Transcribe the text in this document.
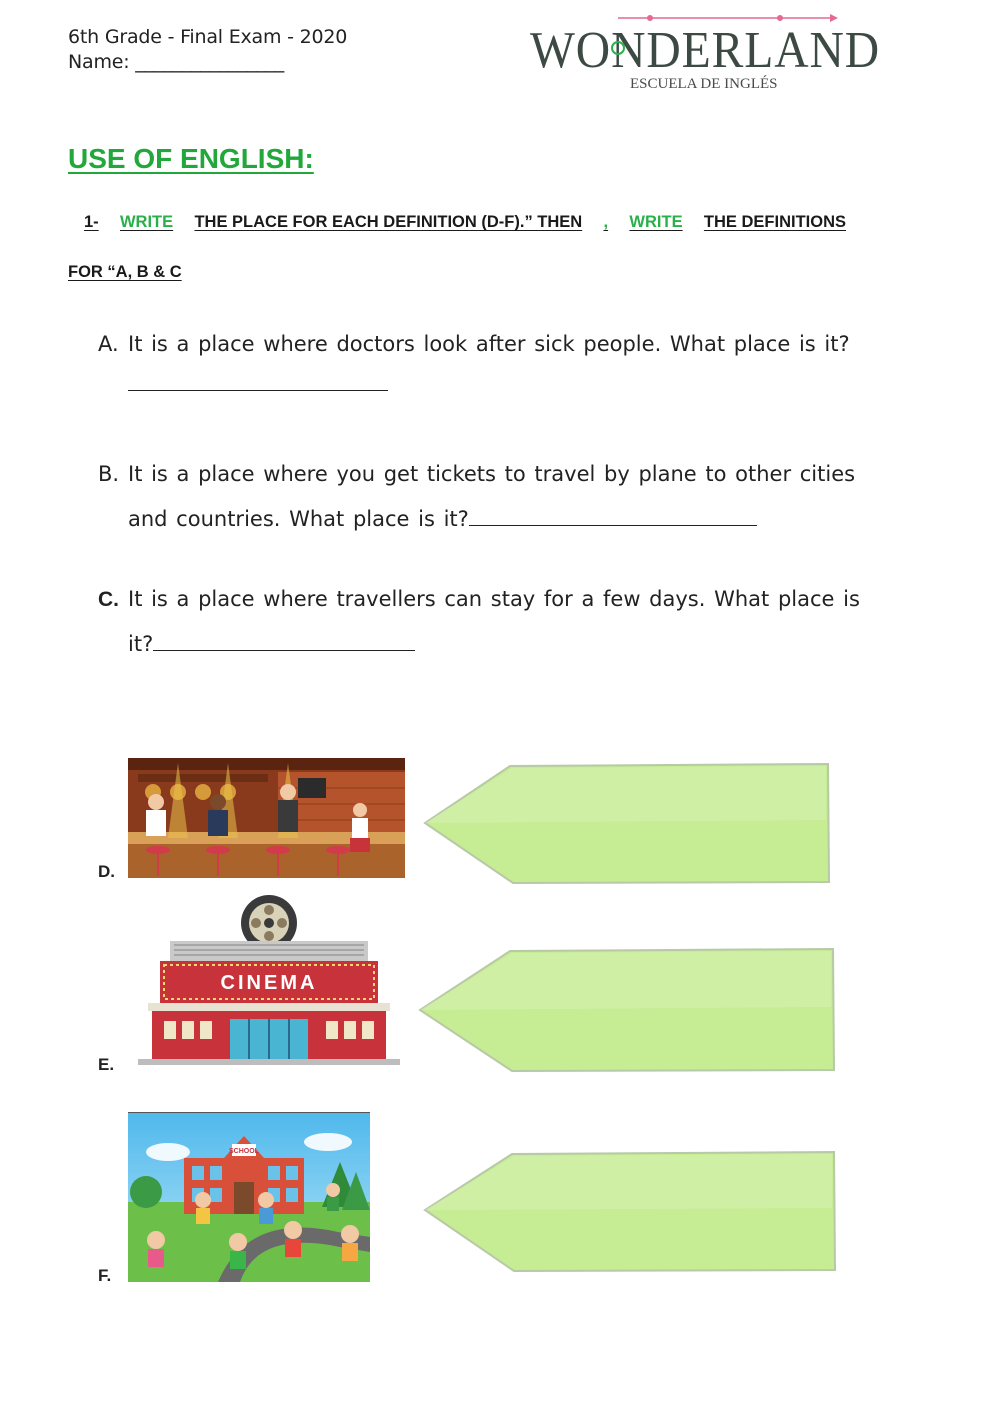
6th Grade - Final Exam - 2020
Name: ________________	WONDERLAND
ESCUELA DE INGLÉS
USE OF ENGLISH:
1- WRITE THE PLACE FOR EACH DEFINITION (D-F).” THEN , WRITE THE DEFINITIONS
FOR “A, B & C
A. It is a place where doctors look after sick people. What place is it?
B. It is a place where you get tickets to travel by plane to other cities
and countries. What place is it?
C. It is a place where travellers can stay for a few days. What place is
it?
D.
CINEMA
E.
SCHOOL
F.
